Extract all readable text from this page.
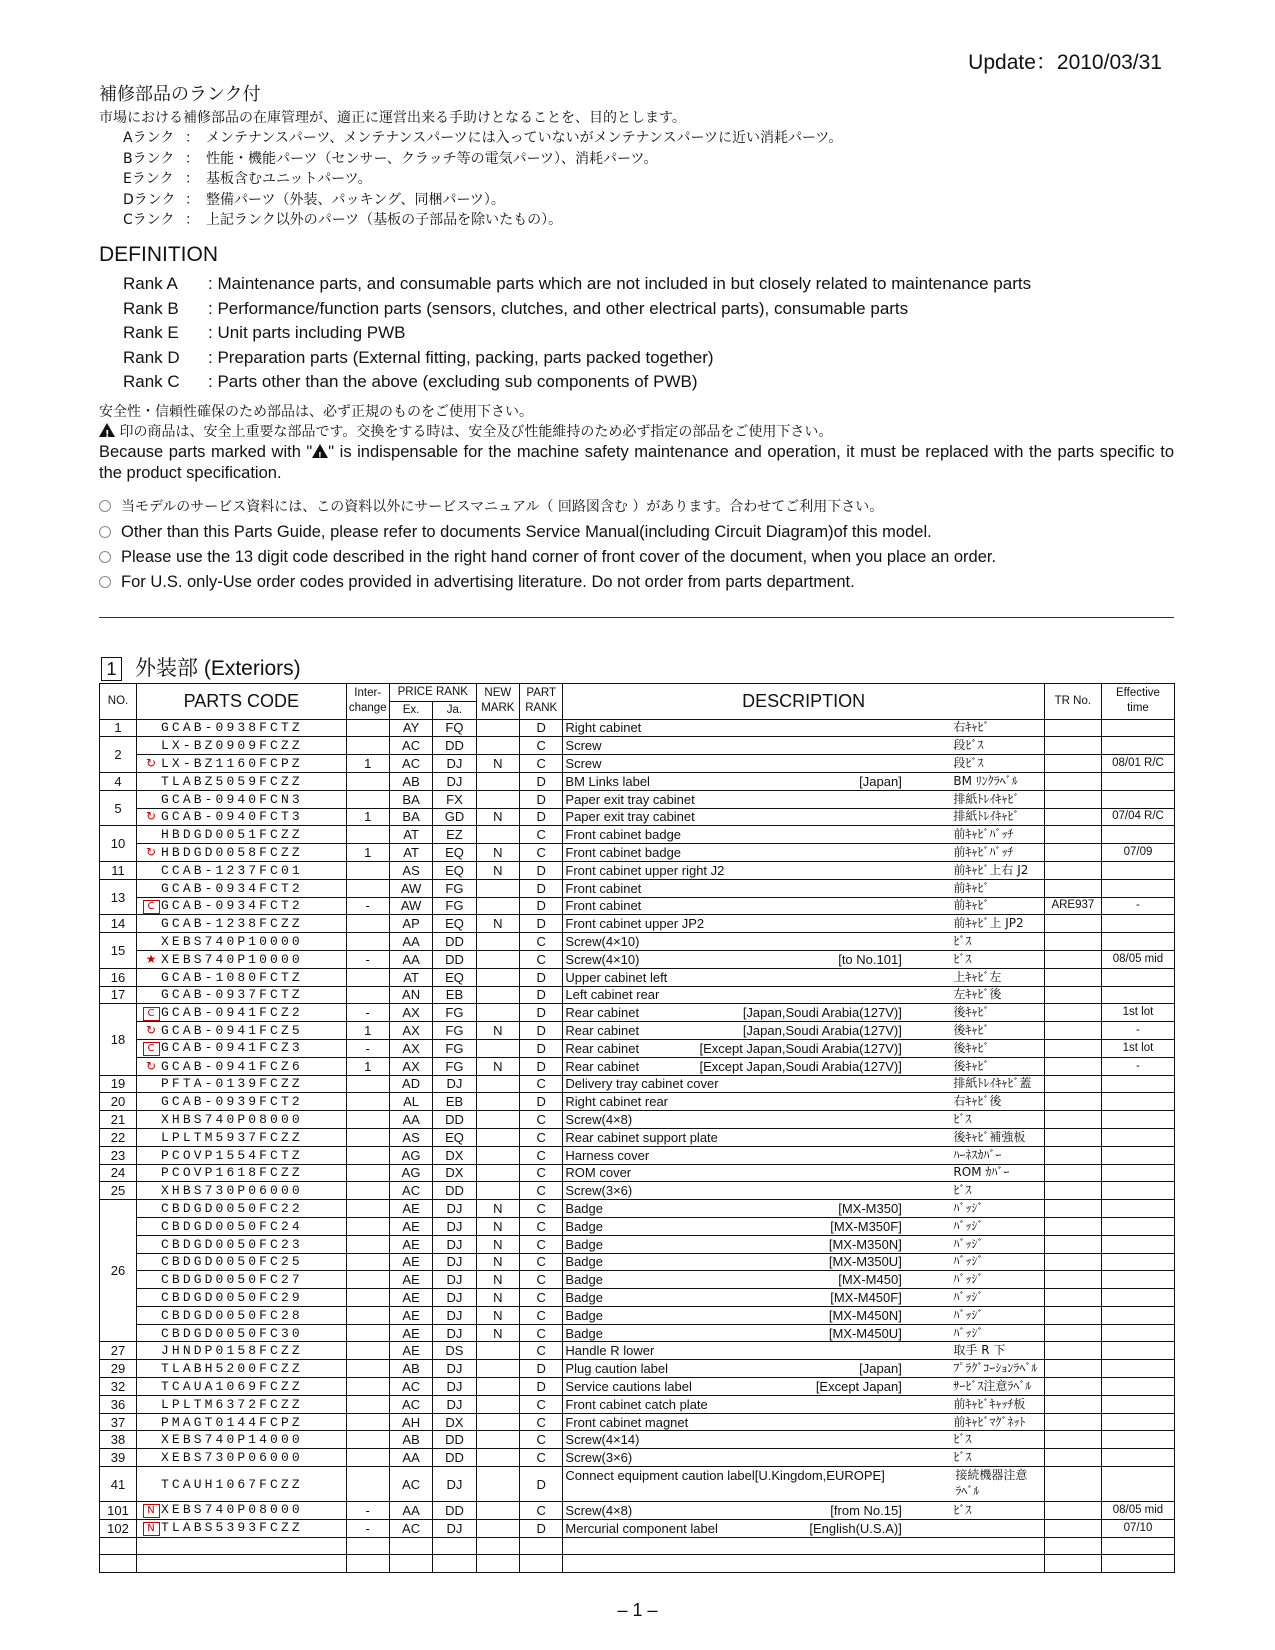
Update：2010/03/31
補修部品のランク付
市場における補修部品の在庫管理が、適正に運営出来る手助けとなることを、目的とします。
Aランク ： メンテナンスパーツ、メンテナンスパーツには入っていないがメンテナンスパーツに近い消耗パーツ。
Bランク ： 性能・機能パーツ（センサー、クラッチ等の電気パーツ）、消耗パーツ。
Eランク ： 基板含むユニットパーツ。
Dランク ： 整備パーツ（外装、パッキング、同梱パーツ）。
Cランク ： 上記ランク以外のパーツ（基板の子部品を除いたもの）。
DEFINITION
Rank A : Maintenance parts, and consumable parts which are not included in but closely related to maintenance parts
Rank B : Performance/function parts (sensors, clutches, and other electrical parts), consumable parts
Rank E : Unit parts including PWB
Rank D : Preparation parts (External fitting, packing, parts packed together)
Rank C : Parts other than the above (excluding sub components of PWB)
安全性・信頼性確保のため部品は、必ず正規のものをご使用下さい。
! 印の商品は、安全上重要な部品です。交換をする時は、安全及び性能維持のため必ず指定の部品をご使用下さい。
Because parts marked with " ! " is indispensable for the machine safety maintenance and operation, it must be replaced with the parts specific to the product specification.
当モデルのサービス資料には、この資料以外にサービスマニュアル（ 回路図含む ）があります。合わせてご利用下さい。
Other than this Parts Guide, please refer to documents Service Manual(including Circuit Diagram)of this model.
Please use the 13 digit code described in the right hand corner of front cover of the document, when you place an order.
For U.S. only-Use order codes provided in advertising literature. Do not order from parts department.
1 外装部 (Exteriors)
NO.	PARTS CODE	Inter-
change	PRICE RANK		NEW
MARK	PART
RANK	DESCRIPTION	TR No.	Effective
time
			Ex.	Ja.					
1	GCAB-0938FCTZ		AY	FQ		D	Right cabinet 右ｷｬﾋﾞ		

2	LX-BZ0909FCZZ		AC	DD		C	Screw 段ﾋﾞｽ		

	↻ LX-BZ1160FCPZ	1	AC	DJ	N	C	Screw 段ﾋﾞｽ		08/01 R/C
4	TLABZ5059FCZZ		AB	DJ		D	BM Links label [Japan] BM ﾘﾝｸﾗﾍﾞﾙ		

5	GCAB-0940FCN3		BA	FX		D	Paper exit tray cabinet 排紙ﾄﾚｲｷｬﾋﾞ		

	↻ GCAB-0940FCT3	1	BA	GD	N	D	Paper exit tray cabinet 排紙ﾄﾚｲｷｬﾋﾞ		07/04 R/C
10	HBDGD0051FCZZ		AT	EZ		C	Front cabinet badge 前ｷｬﾋﾞﾊﾞｯﾁ		

	↻ HBDGD0058FCZZ	1	AT	EQ	N	C	Front cabinet badge 前ｷｬﾋﾞﾊﾞｯﾁ		07/09
11	CCAB-1237FC01		AS	EQ	N	D	Front cabinet upper right J2 前ｷｬﾋﾞ上右 J2		

13	GCAB-0934FCT2		AW	FG		D	Front cabinet 前ｷｬﾋﾞ		

	C GCAB-0934FCT2	-	AW	FG		D	Front cabinet 前ｷｬﾋﾞ	ARE937	-
14	GCAB-1238FCZZ		AP	EQ	N	D	Front cabinet upper JP2 前ｷｬﾋﾞ上 JP2		

15	XEBS740P10000		AA	DD		C	Screw(4×10) ﾋﾞｽ		

	★ XEBS740P10000	-	AA	DD		C	Screw(4×10) [to No.101] ﾋﾞｽ		08/05 mid
16	GCAB-1080FCTZ		AT	EQ		D	Upper cabinet left 上ｷｬﾋﾞ左		

17	GCAB-0937FCTZ		AN	EB		D	Left cabinet rear 左ｷｬﾋﾞ後		

18	C GCAB-0941FCZ2	-	AX	FG		D	Rear cabinet [Japan,Soudi Arabia(127V)] 後ｷｬﾋﾞ		1st lot
	↻ GCAB-0941FCZ5	1	AX	FG	N	D	Rear cabinet [Japan,Soudi Arabia(127V)] 後ｷｬﾋﾞ		-
	C GCAB-0941FCZ3	-	AX	FG		D	Rear cabinet [Except Japan,Soudi Arabia(127V)] 後ｷｬﾋﾞ		1st lot
	↻ GCAB-0941FCZ6	1	AX	FG	N	D	Rear cabinet [Except Japan,Soudi Arabia(127V)] 後ｷｬﾋﾞ		-
19	PFTA-0139FCZZ		AD	DJ		C	Delivery tray cabinet cover 排紙ﾄﾚｲｷｬﾋﾞ蓋		

20	GCAB-0939FCT2		AL	EB		D	Right cabinet rear 右ｷｬﾋﾞ後		

21	XHBS740P08000		AA	DD		C	Screw(4×8) ﾋﾞｽ		

22	LPLTM5937FCZZ		AS	EQ		C	Rear cabinet support plate 後ｷｬﾋﾞ補強板		

23	PCOVP1554FCTZ		AG	DX		C	Harness cover ﾊｰﾈｽｶﾊﾞｰ		

24	PCOVP1618FCZZ		AG	DX		C	ROM cover ROM ｶﾊﾞｰ		

25	XHBS730P06000		AC	DD		C	Screw(3×6) ﾋﾞｽ		

26	CBDGD0050FC22		AE	DJ	N	C	Badge [MX-M350] ﾊﾞｯｼﾞ		

	CBDGD0050FC24		AE	DJ	N	C	Badge [MX-M350F] ﾊﾞｯｼﾞ		

	CBDGD0050FC23		AE	DJ	N	C	Badge [MX-M350N] ﾊﾞｯｼﾞ		

	CBDGD0050FC25		AE	DJ	N	C	Badge [MX-M350U] ﾊﾞｯｼﾞ		

	CBDGD0050FC27		AE	DJ	N	C	Badge [MX-M450] ﾊﾞｯｼﾞ		

	CBDGD0050FC29		AE	DJ	N	C	Badge [MX-M450F] ﾊﾞｯｼﾞ		

	CBDGD0050FC28		AE	DJ	N	C	Badge [MX-M450N] ﾊﾞｯｼﾞ		

	CBDGD0050FC30		AE	DJ	N	C	Badge [MX-M450U] ﾊﾞｯｼﾞ		

27	JHNDP0158FCZZ		AE	DS		C	Handle R lower 取手 R 下		

29	TLABH5200FCZZ		AB	DJ		D	Plug caution label [Japan] ﾌﾟﾗｸﾞｺｰｼｮﾝﾗﾍﾞﾙ		

32	TCAUA1069FCZZ		AC	DJ		D	Service cautions label [Except Japan] ｻｰﾋﾞｽ注意ﾗﾍﾞﾙ		

36	LPLTM6372FCZZ		AC	DJ		C	Front cabinet catch plate 前ｷｬﾋﾞｷｬｯﾁ板		

37	PMAGT0144FCPZ		AH	DX		C	Front cabinet magnet 前ｷｬﾋﾞﾏｸﾞﾈｯﾄ		

38	XEBS740P14000		AB	DD		C	Screw(4×14) ﾋﾞｽ		

39	XEBS730P06000		AA	DD		C	Screw(3×6) ﾋﾞｽ		

41	TCAUH1067FCZZ		AC	DJ		D	Connect equipment caution label[U.Kingdom,EUROPE] 接続機器注意
ﾗﾍﾞﾙ		

101	N XEBS740P08000	-	AA	DD		C	Screw(4×8) [from No.15] ﾋﾞｽ		08/05 mid
102	N TLABS5393FCZZ	-	AC	DJ		D	Mercurial component label [English(U.S.A)]		07/10

– 1 –
